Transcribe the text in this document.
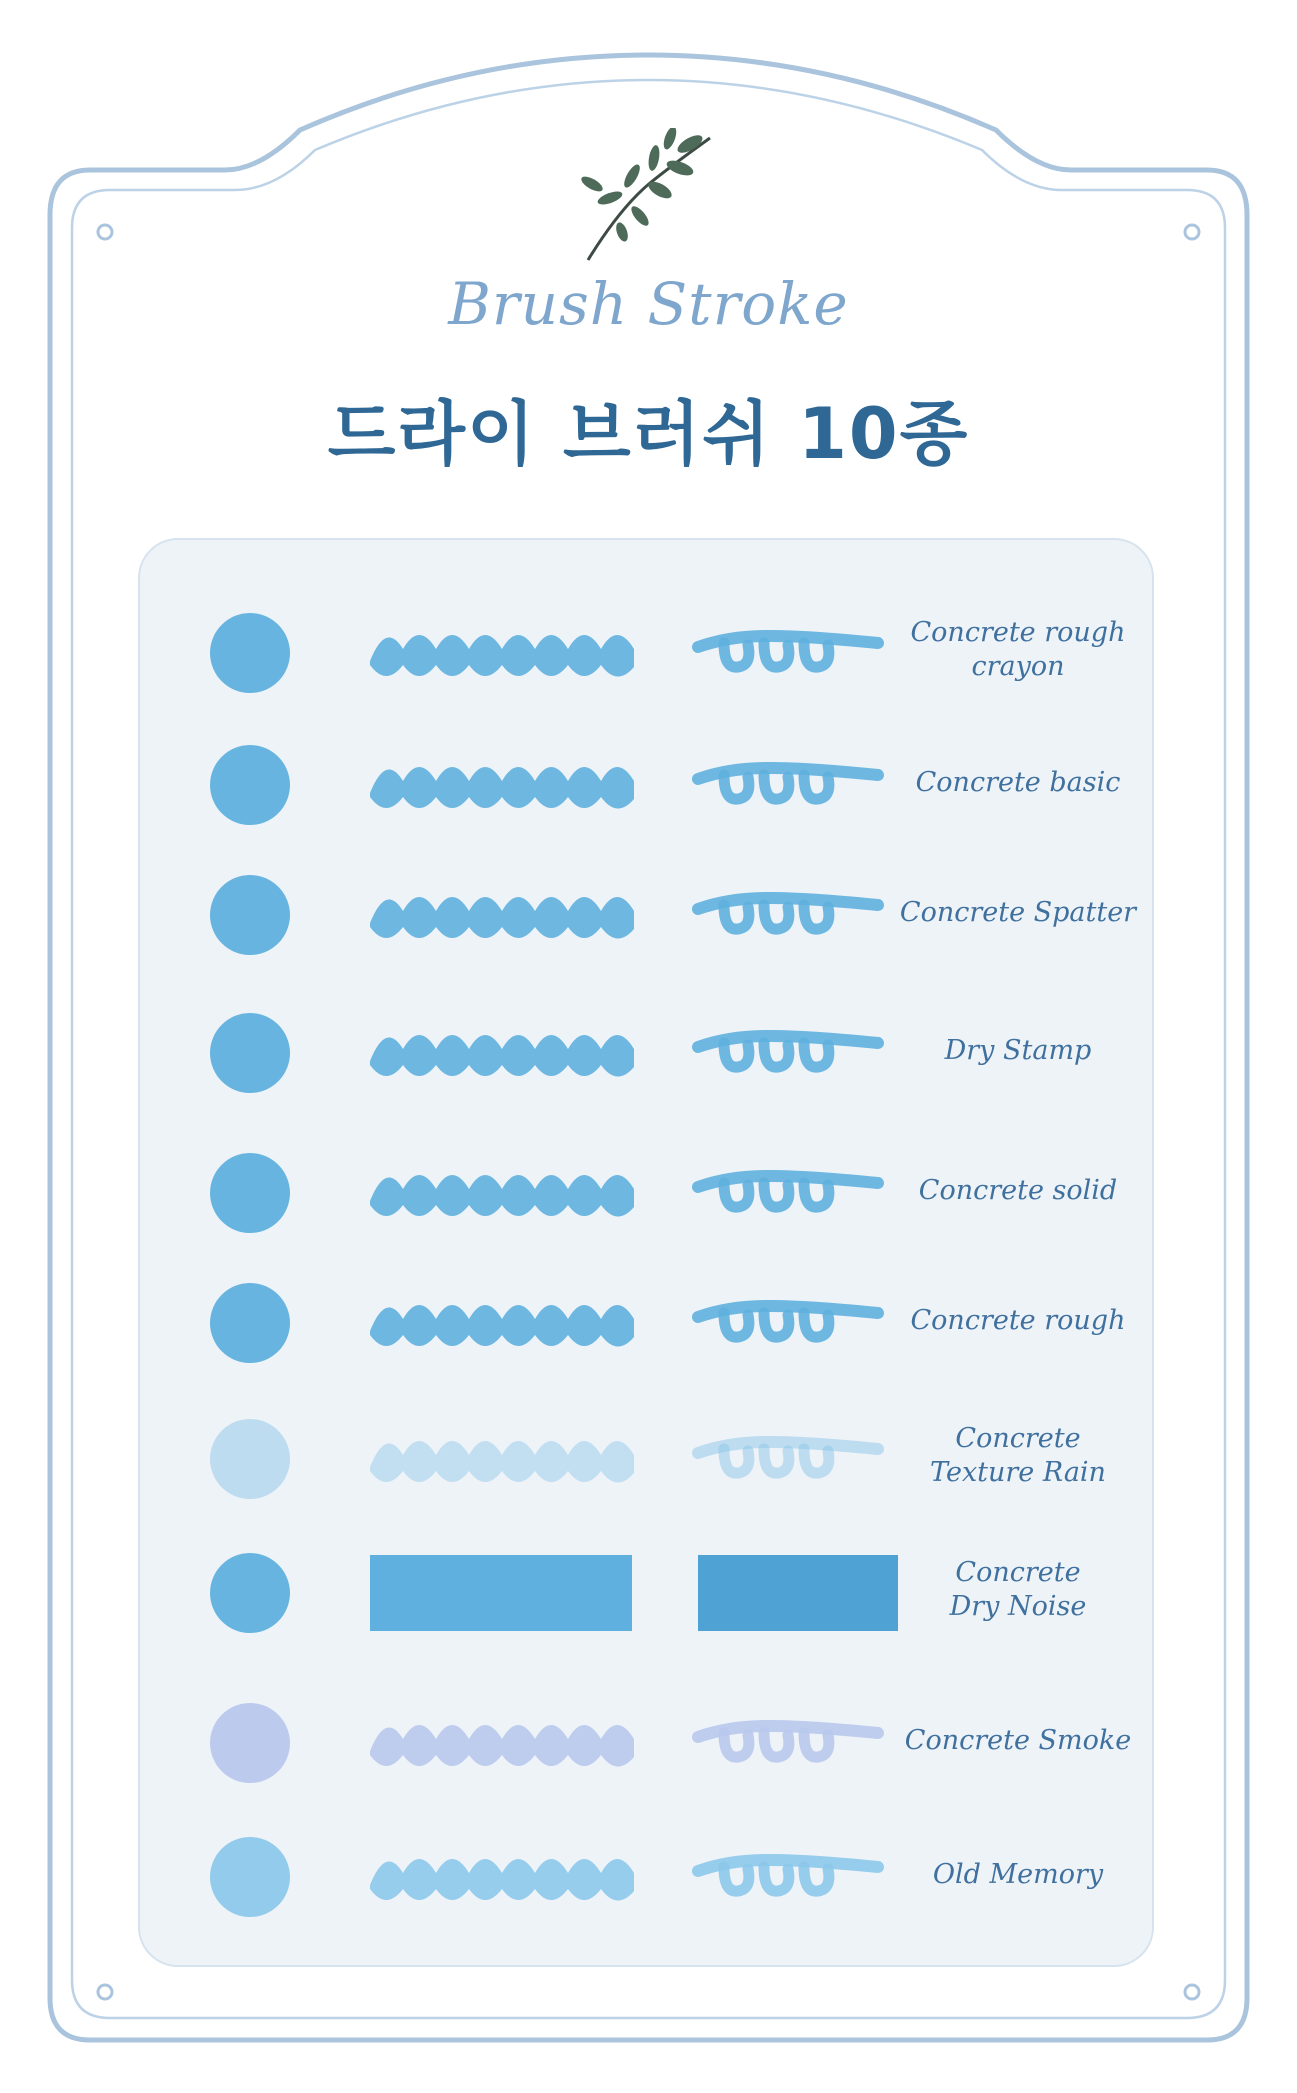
Brush Stroke
드라이 브러쉬 10종
Concrete rough
crayon
Concrete basic
Concrete Spatter
Dry Stamp
Concrete solid
Concrete rough
Concrete
Texture Rain
Concrete
Dry Noise
Concrete Smoke
Old Memory
